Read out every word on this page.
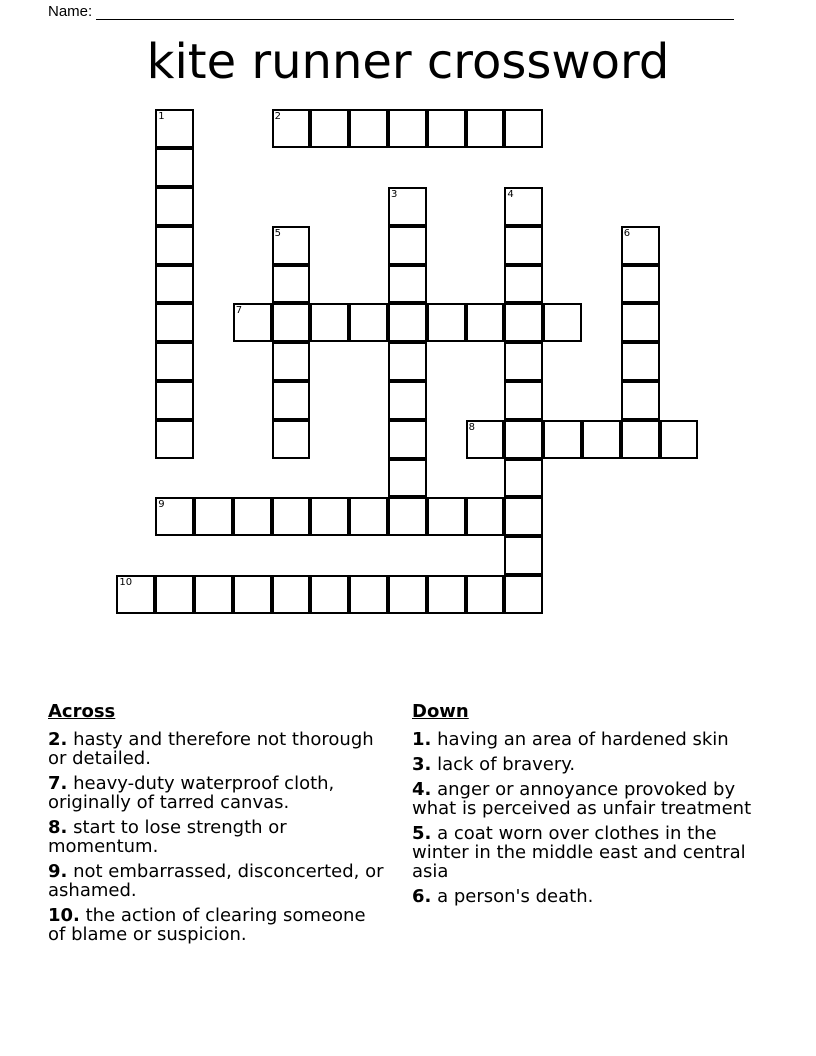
Name:
kite runner crossword
1	2
3	4
5	6
7
8
9
10
Across
2. hasty and therefore not thorough or detailed.
7. heavy-duty waterproof cloth, originally of tarred canvas.
8. start to lose strength or momentum.
9. not embarrassed, disconcerted, or ashamed.
10. the action of clearing someone of blame or suspicion.
Down
1. having an area of hardened skin
3. lack of bravery.
4. anger or annoyance provoked by what is perceived as unfair treatment
5. a coat worn over clothes in the winter in the middle east and central asia
6. a person's death.
